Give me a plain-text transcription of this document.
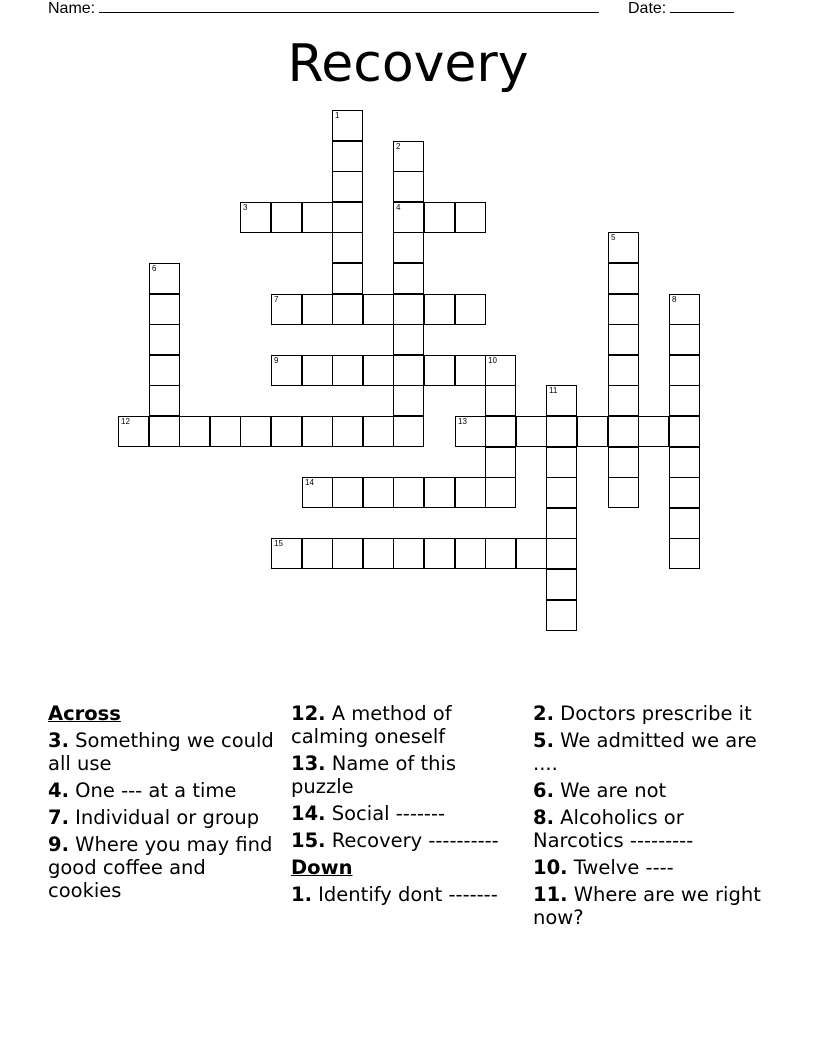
Name:	Date:
Recovery
1
2
4
3
5
6
7	8
9	10
11
12	13
14
15
Across
3. Something we could all use
4. One --- at a time
7. Individual or group
9. Where you may find good coffee and cookies
12. A method of calming oneself
13. Name of this puzzle
14. Social -------
15. Recovery ----------
Down
1. Identify dont -------
2. Doctors prescribe it
5. We admitted we are ....
6. We are not
8. Alcoholics or Narcotics ---------
10. Twelve ----
11. Where are we right now?
